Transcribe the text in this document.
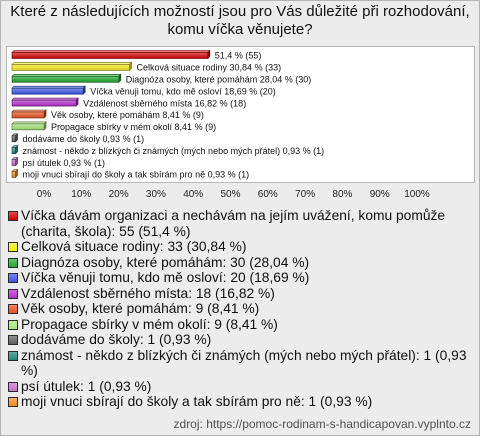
Které z následujících možností jsou pro Vás důležité při rozhodování, komu víčka věnujete?
51,4 % (55)
Celková situace rodiny 30,84 % (33)
Diagnóza osoby, které pomáhám 28,04 % (30)
Víčka věnuji tomu, kdo mě osloví 18,69 % (20)
Vzdálenost sběrného místa 16,82 % (18)
Věk osoby, které pomáhám 8,41 % (9)
Propagace sbírky v mém okolí 8,41 % (9)
dodáváme do školy 0,93 % (1)
známost - někdo z blízkých či známých (mých nebo mých přátel) 0,93 % (1)
psí útulek 0,93 % (1)
moji vnuci sbírají do školy a tak sbírám pro ně 0,93 % (1)
0% 10% 20% 30% 40% 50% 60% 70% 80% 90% 100%
Víčka dávám organizaci a nechávám na jejím uvážení, komu pomůže (charita, škola): 55 (51,4 %)
Celková situace rodiny: 33 (30,84 %)
Diagnóza osoby, které pomáhám: 30 (28,04 %)
Víčka věnuji tomu, kdo mě osloví: 20 (18,69 %)
Vzdálenost sběrného místa: 18 (16,82 %)
Věk osoby, které pomáhám: 9 (8,41 %)
Propagace sbírky v mém okolí: 9 (8,41 %)
dodáváme do školy: 1 (0,93 %)
známost - někdo z blízkých či známých (mých nebo mých přátel): 1 (0,93 %)
psí útulek: 1 (0,93 %)
moji vnuci sbírají do školy a tak sbírám pro ně: 1 (0,93 %)
zdroj: https://pomoc-rodinam-s-handicapovan.vyplnto.cz
